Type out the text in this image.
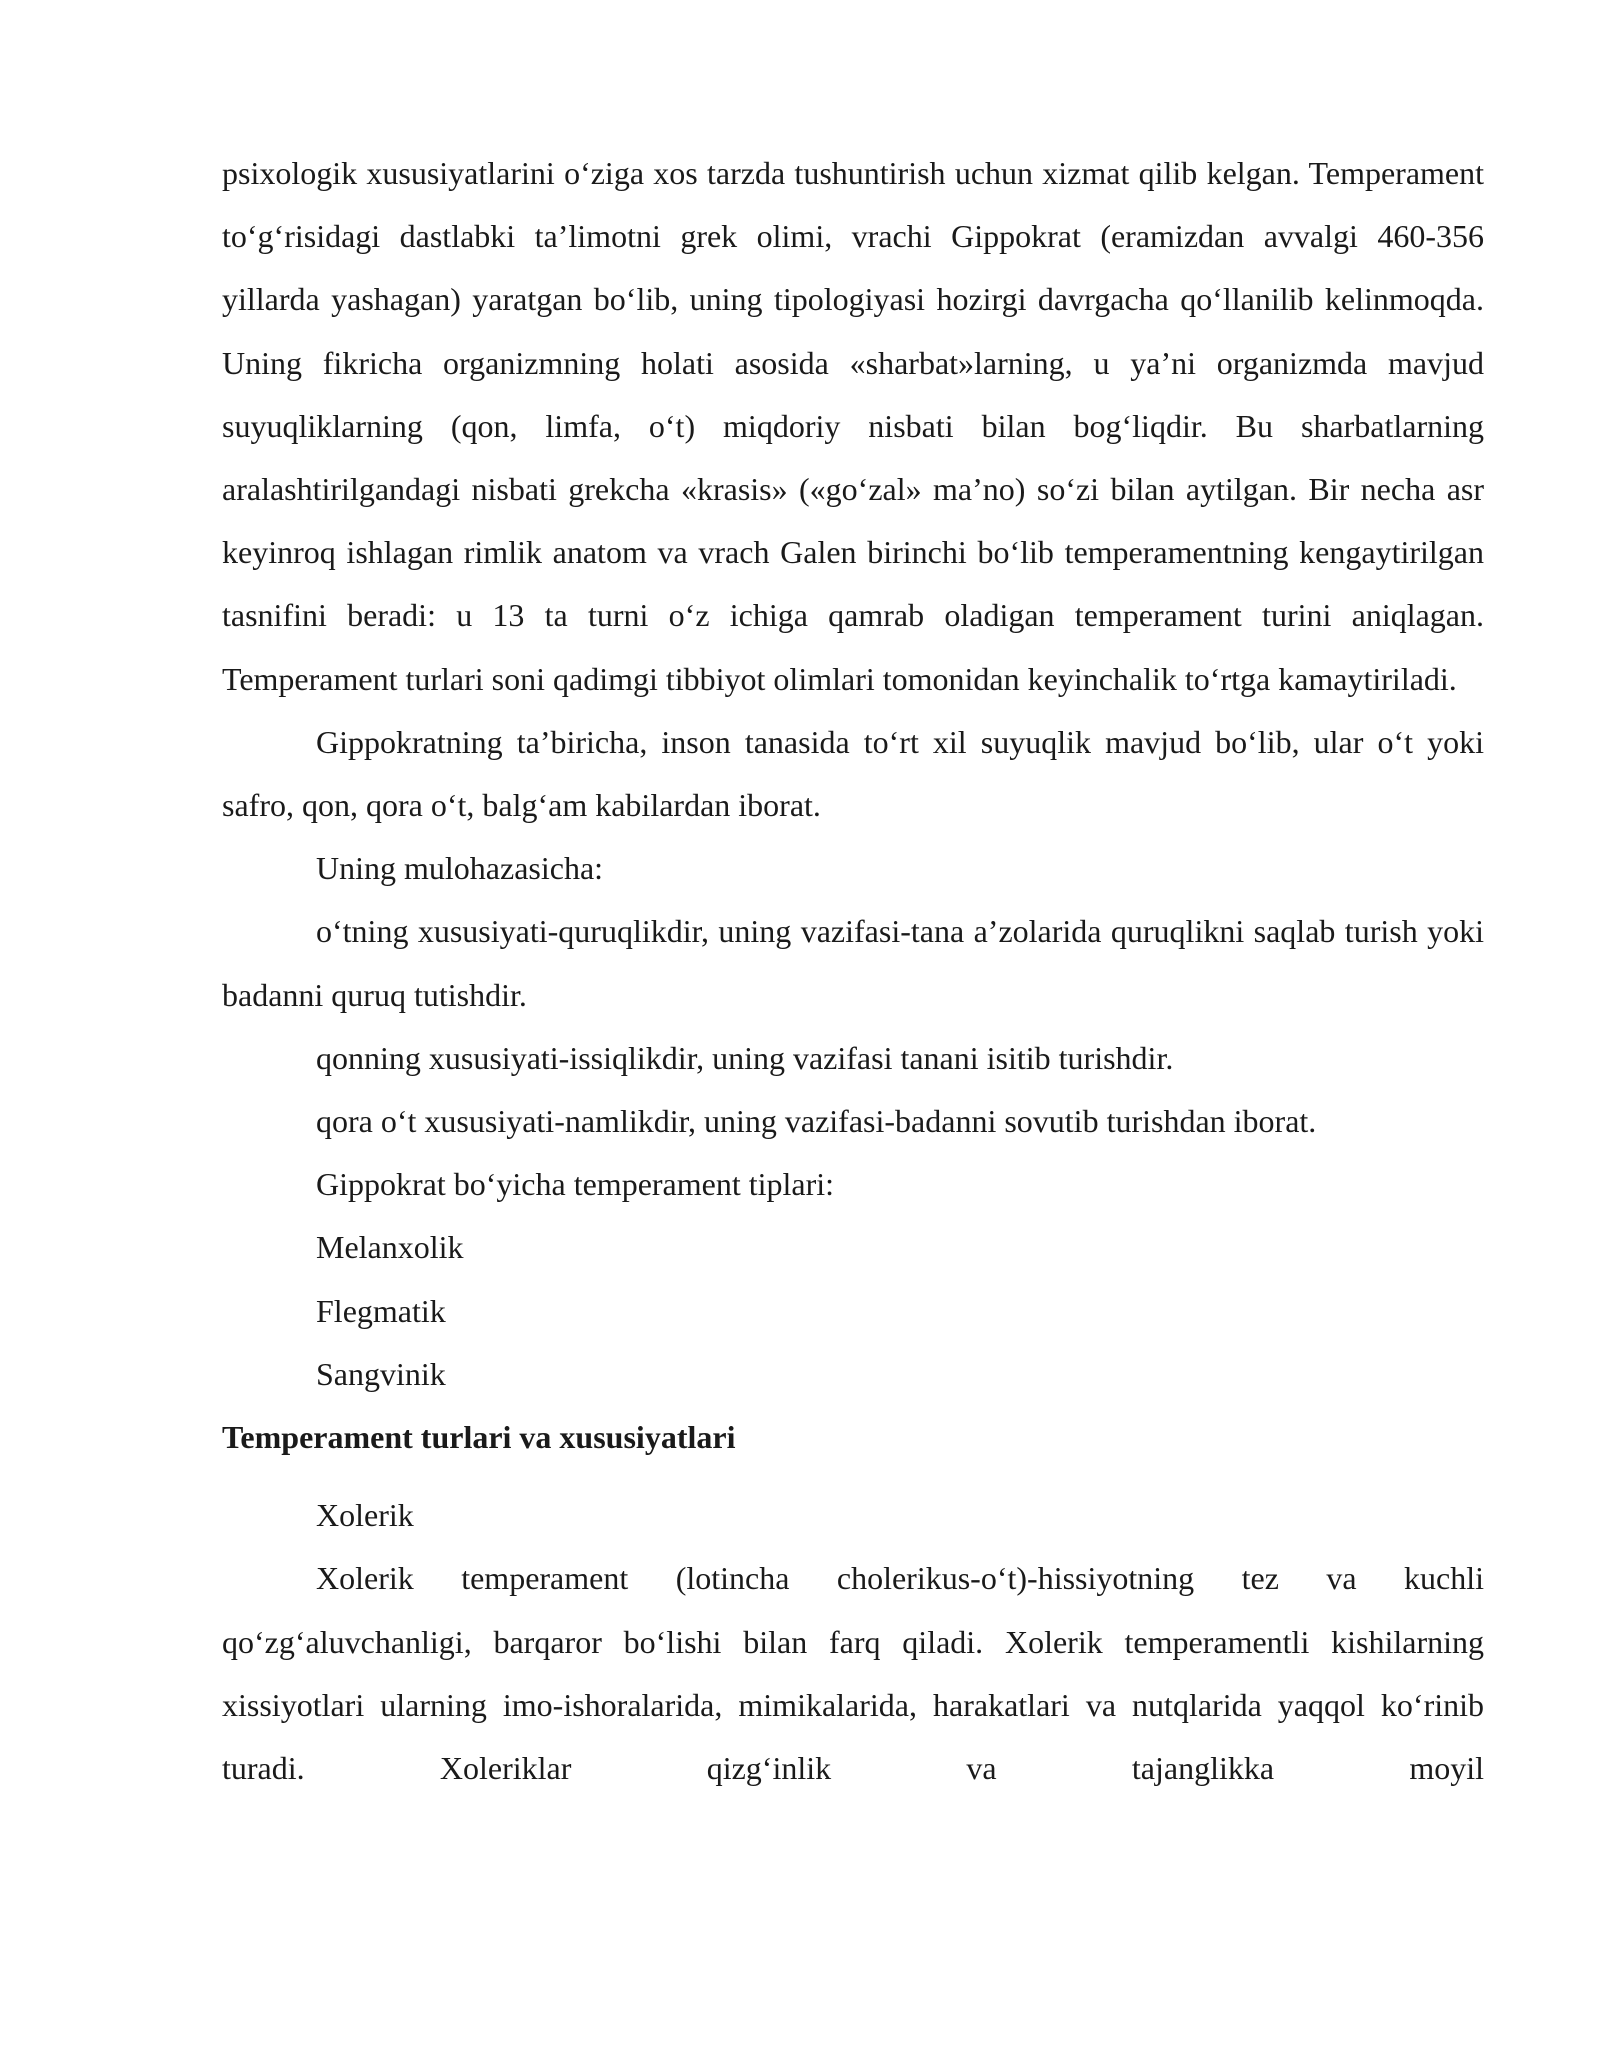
psixologik xususiyatlarini o‘ziga xos tarzda tushuntirish uchun xizmat qilib kelgan. Temperament to‘g‘risidagi dastlabki ta’limotni grek olimi, vrachi Gippokrat (eramizdan avvalgi 460-356 yillarda yashagan) yaratgan bo‘lib, uning tipologiyasi hozirgi davrgacha qo‘llanilib kelinmoqda. Uning fikricha organizmning holati asosida «sharbat»larning, u ya’ni organizmda mavjud suyuqliklarning (qon, limfa, o‘t) miqdoriy nisbati bilan bog‘liqdir. Bu sharbatlarning aralashtirilgandagi nisbati grekcha «krasis» («go‘zal» ma’no) so‘zi bilan aytilgan. Bir necha asr keyinroq ishlagan rimlik anatom va vrach Galen birinchi bo‘lib temperamentning kengaytirilgan tasnifini beradi: u 13 ta turni o‘z ichiga qamrab oladigan temperament turini aniqlagan. Temperament turlari soni qadimgi tibbiyot olimlari tomonidan keyinchalik to‘rtga kamaytiriladi.

Gippokratning ta’biricha, inson tanasida to‘rt xil suyuqlik mavjud bo‘lib, ular o‘t yoki safro, qon, qora o‘t, balg‘am kabilardan iborat.

Uning mulohazasicha:

o‘tning xususiyati-quruqlikdir, uning vazifasi-tana a’zolarida quruqlikni saqlab turish yoki badanni quruq tutishdir.

qonning xususiyati-issiqlikdir, uning vazifasi tanani isitib turishdir.

qora o‘t xususiyati-namlikdir, uning vazifasi-badanni sovutib turishdan iborat.

Gippokrat bo‘yicha temperament tiplari:

Melanxolik

Flegmatik

Sangvinik

Temperament turlari va xususiyatlari

Xolerik

Xolerik temperament (lotincha cholerikus-o‘t)-hissiyotning tez va kuchli qo‘zg‘aluvchanligi, barqaror bo‘lishi bilan farq qiladi. Xolerik temperamentli kishilarning xissiyotlari ularning imo-ishoralarida, mimikalarida, harakatlari va nutqlarida yaqqol ko‘rinib turadi. Xoleriklar qizg‘inlik va tajanglikka moyil
